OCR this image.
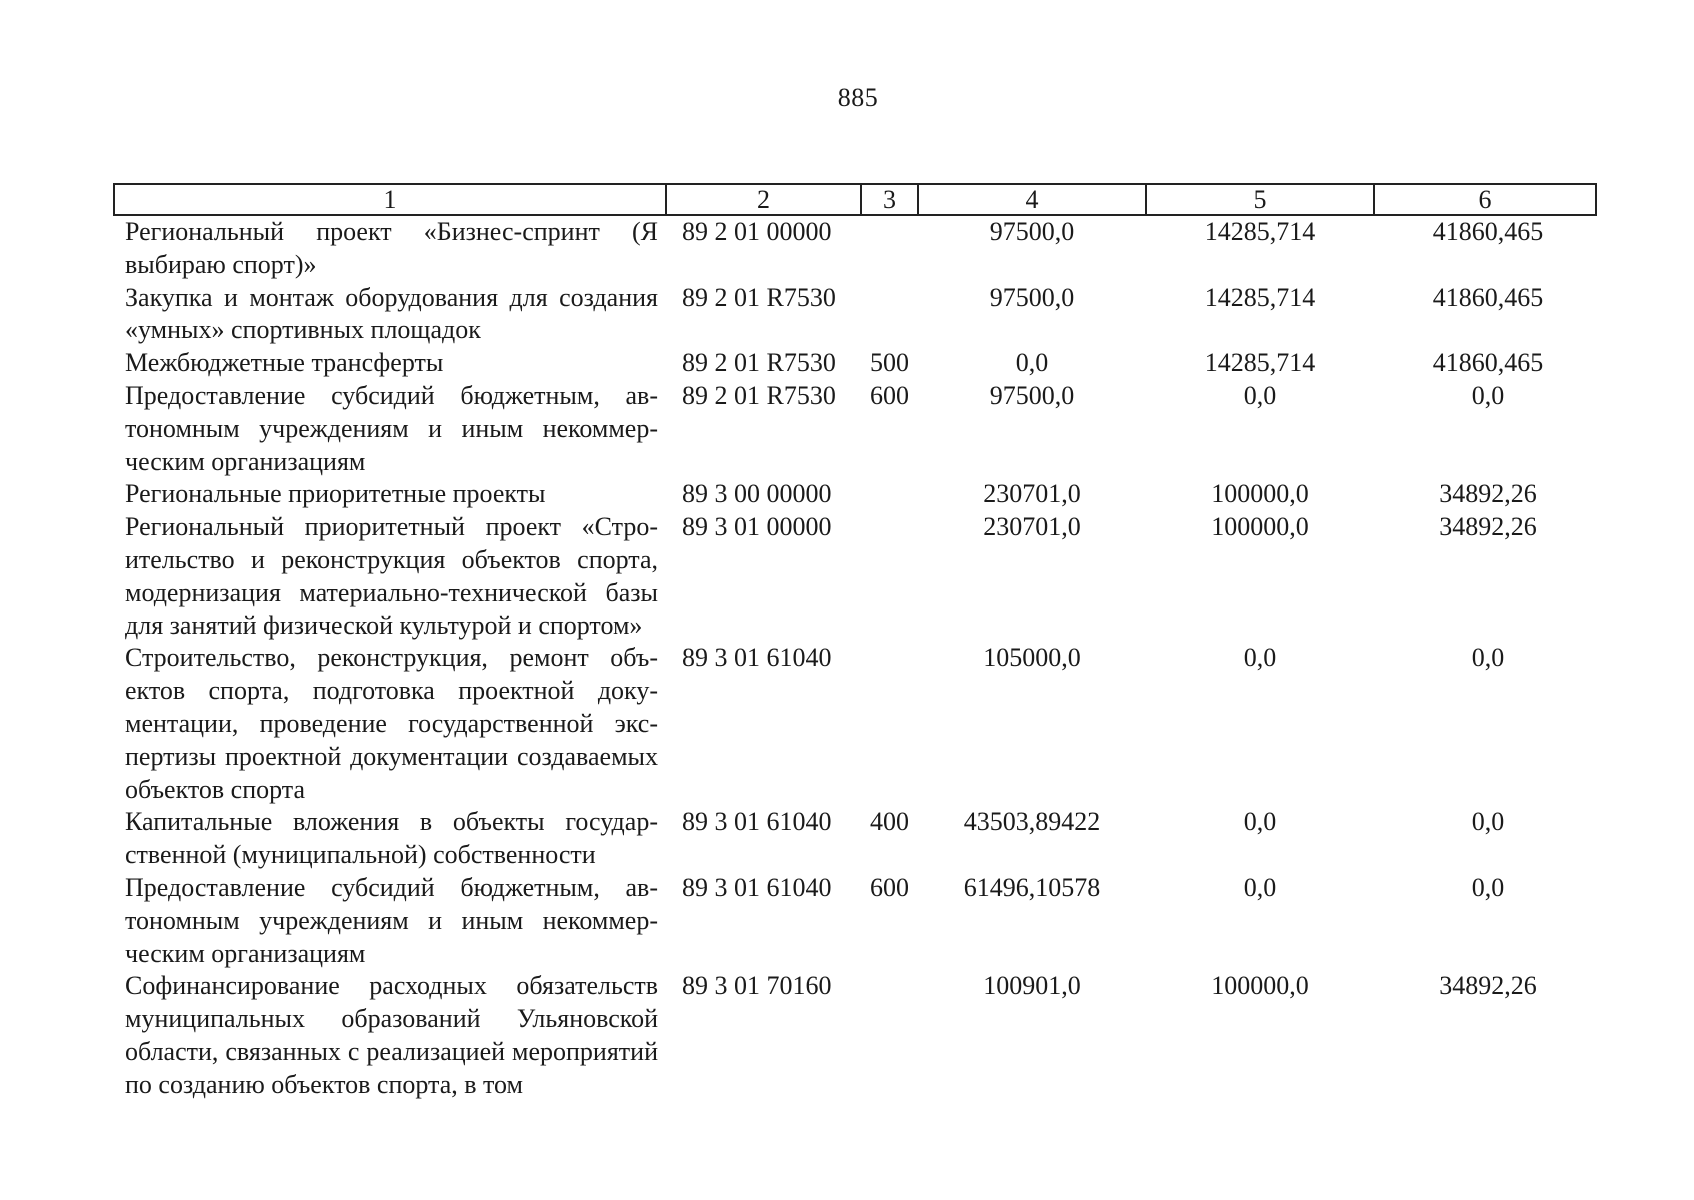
885
1	2	3	4	5	6
Региональный проект «Бизнес-спринт (Я выбираю спорт)»	89 2 01 00000		97500,0	14285,714	41860,465
Закупка и монтаж оборудования для создания «умных» спортивных площадок	89 2 01 R7530		97500,0	14285,714	41860,465
Межбюджетные трансферты	89 2 01 R7530	500	0,0	14285,714	41860,465
Предоставление субсидий бюджетным, автономным учреждениям и иным некоммерческим организациям	89 2 01 R7530	600	97500,0	0,0	0,0
Региональные приоритетные проекты	89 3 00 00000		230701,0	100000,0	34892,26
Региональный приоритетный проект «Строительство и реконструкция объектов спорта, модернизация материально-технической базы для занятий физической культурой и спортом»	89 3 01 00000		230701,0	100000,0	34892,26
Строительство, реконструкция, ремонт объектов спорта, подготовка проектной документации, проведение государственной экспертизы проектной документации создаваемых объектов спорта	89 3 01 61040		105000,0	0,0	0,0
Капитальные вложения в объекты государственной (муниципальной) собственности	89 3 01 61040	400	43503,89422	0,0	0,0
Предоставление субсидий бюджетным, автономным учреждениям и иным некоммерческим организациям	89 3 01 61040	600	61496,10578	0,0	0,0
Софинансирование расходных обязательств муниципальных образований Ульяновской области, связанных с реализацией мероприятий по созданию объектов спорта, в том	89 3 01 70160		100901,0	100000,0	34892,26
